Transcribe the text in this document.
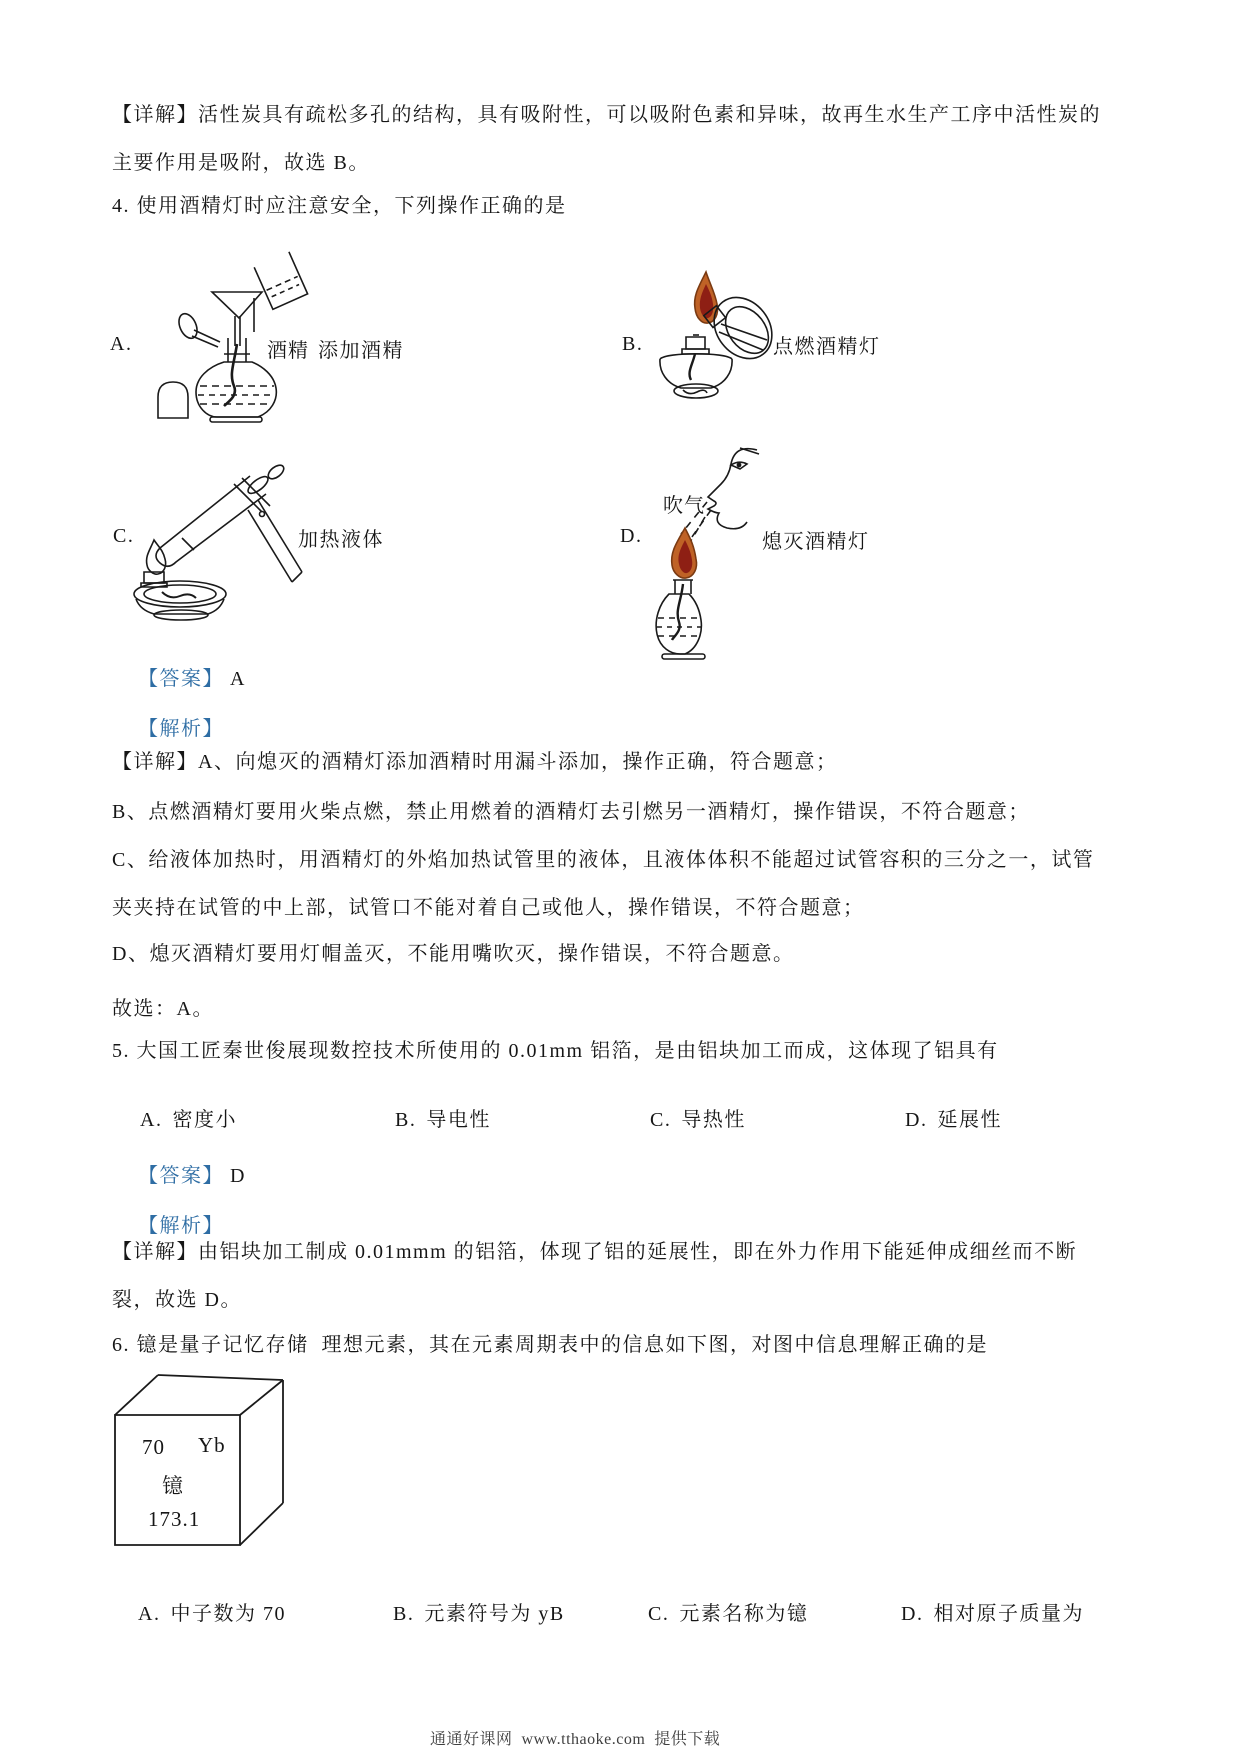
【详解】活性炭具有疏松多孔的结构，具有吸附性，可以吸附色素和异味，故再生水生产工序中活性炭的
主要作用是吸附，故选 B。
4. 使用酒精灯时应注意安全，下列操作正确的是
A.	酒精 添加酒精	B.	点燃酒精灯
C.	加热液体	D.
吹气
熄灭酒精灯

【答案】 A

【解析】

【详解】A、向熄灭的酒精灯添加酒精时用漏斗添加，操作正确，符合题意；
B、点燃酒精灯要用火柴点燃，禁止用燃着的酒精灯去引燃另一酒精灯，操作错误，不符合题意；
C、给液体加热时，用酒精灯的外焰加热试管里的液体，且液体体积不能超过试管容积的三分之一，试管
夹夹持在试管的中上部，试管口不能对着自己或他人，操作错误，不符合题意；
D、熄灭酒精灯要用灯帽盖灭，不能用嘴吹灭，操作错误，不符合题意。
故选：A。
5. 大国工匠秦世俊展现数控技术所使用的 0.01mm 铝箔，是由铝块加工而成，这体现了铝具有

A. 密度小
	B. 导电性
	C. 导热性
	D. 延展性

【答案】 D

【解析】

【详解】由铝块加工制成 0.01mmm 的铝箔，体现了铝的延展性，即在外力作用下能延伸成细丝而不断
裂，故选 D。
6. 镱是量子记忆存储  理想元素，其在元素周期表中的信息如下图，对图中信息理解正确的是
70 Yb
镱
173.1

A. 中子数为 70
	B. 元素符号为 yB
	C. 元素名称为镱
	D. 相对原子质量为

通通好课网  www.tthaoke.com  提供下载
